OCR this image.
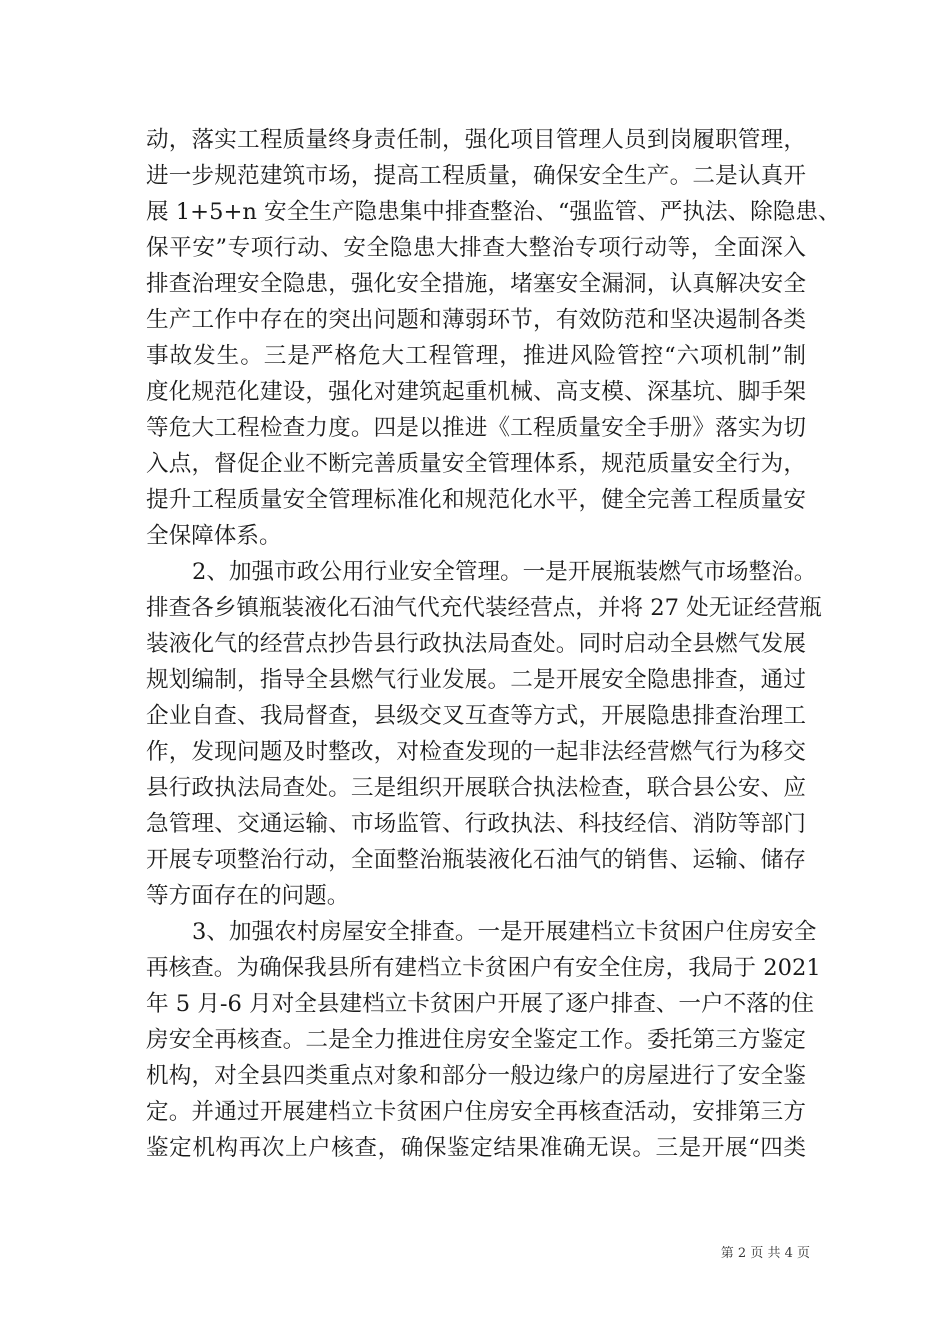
动，落实工程质量终身责任制，强化项目管理人员到岗履职管理，
进一步规范建筑市场，提高工程质量，确保安全生产。二是认真开
展 1+5+n 安全生产隐患集中排查整治、“强监管、严执法、除隐患、
保平安”专项行动、安全隐患大排查大整治专项行动等，全面深入
排查治理安全隐患，强化安全措施，堵塞安全漏洞，认真解决安全
生产工作中存在的突出问题和薄弱环节，有效防范和坚决遏制各类
事故发生。三是严格危大工程管理，推进风险管控“六项机制”制
度化规范化建设，强化对建筑起重机械、高支模、深基坑、脚手架
等危大工程检查力度。四是以推进《工程质量安全手册》落实为切
入点，督促企业不断完善质量安全管理体系，规范质量安全行为，
提升工程质量安全管理标准化和规范化水平，健全完善工程质量安
全保障体系。
2、加强市政公用行业安全管理。一是开展瓶装燃气市场整治。
排查各乡镇瓶装液化石油气代充代装经营点，并将 27 处无证经营瓶
装液化气的经营点抄告县行政执法局查处。同时启动全县燃气发展
规划编制，指导全县燃气行业发展。二是开展安全隐患排查，通过
企业自查、我局督查，县级交叉互查等方式，开展隐患排查治理工
作，发现问题及时整改，对检查发现的一起非法经营燃气行为移交
县行政执法局查处。三是组织开展联合执法检查，联合县公安、应
急管理、交通运输、市场监管、行政执法、科技经信、消防等部门
开展专项整治行动，全面整治瓶装液化石油气的销售、运输、储存
等方面存在的问题。
3、加强农村房屋安全排查。一是开展建档立卡贫困户住房安全
再核查。为确保我县所有建档立卡贫困户有安全住房，我局于 2021
年 5 月-6 月对全县建档立卡贫困户开展了逐户排查、一户不落的住
房安全再核查。二是全力推进住房安全鉴定工作。委托第三方鉴定
机构，对全县四类重点对象和部分一般边缘户的房屋进行了安全鉴
定。并通过开展建档立卡贫困户住房安全再核查活动，安排第三方
鉴定机构再次上户核查，确保鉴定结果准确无误。三是开展“四类
第 2 页 共 4 页
